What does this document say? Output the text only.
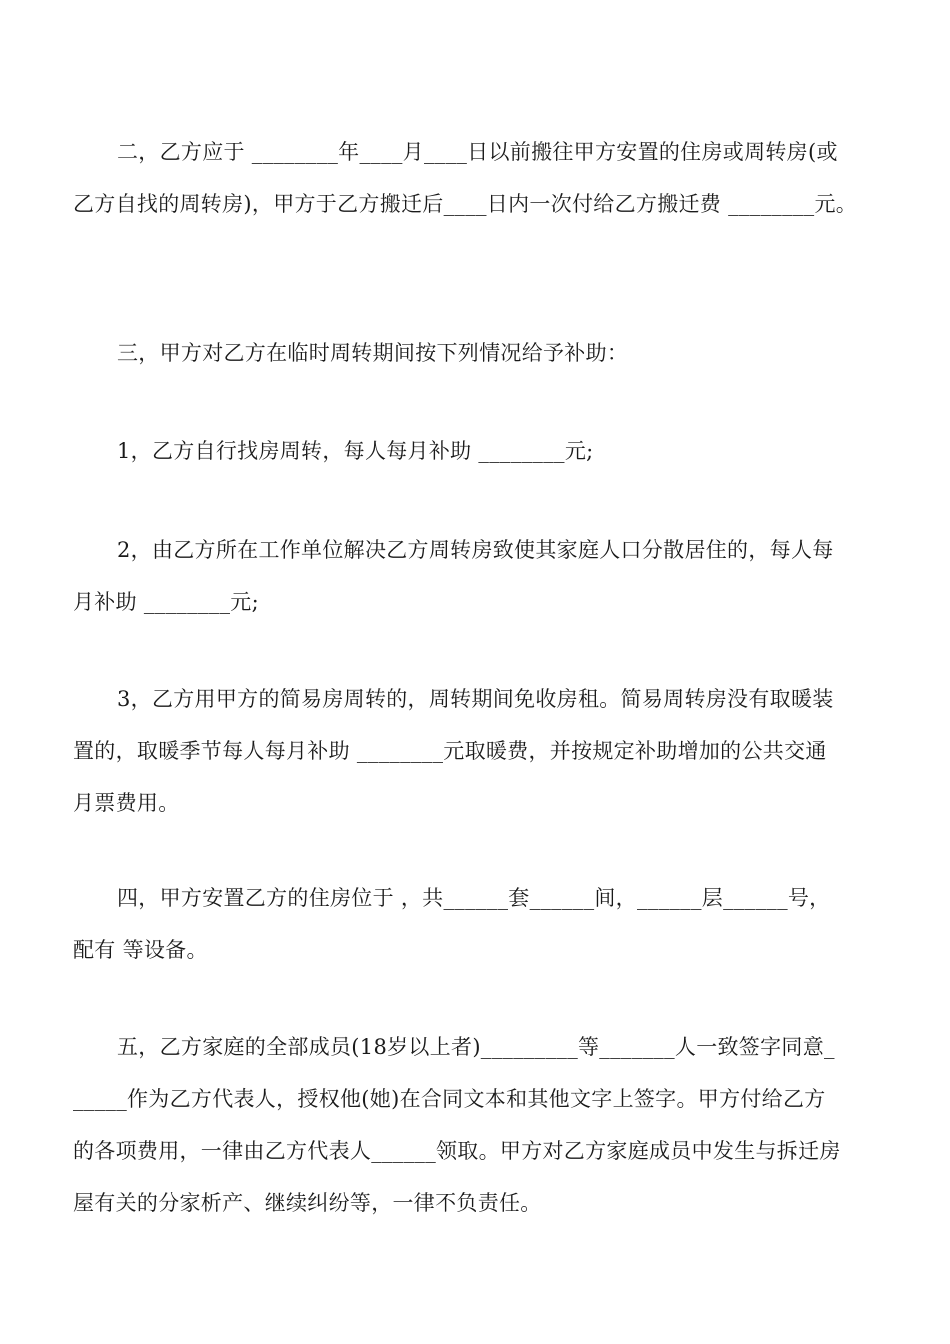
二，乙方应于 ________年____月____日以前搬往甲方安置的住房或周转房(或
乙方自找的周转房)，甲方于乙方搬迁后____日内一次付给乙方搬迁费 ________元。
三，甲方对乙方在临时周转期间按下列情况给予补助：
1，乙方自行找房周转，每人每月补助 ________元;
2，由乙方所在工作单位解决乙方周转房致使其家庭人口分散居住的，每人每
月补助 ________元;
3，乙方用甲方的简易房周转的，周转期间免收房租。简易周转房没有取暖装
置的，取暖季节每人每月补助 ________元取暖费，并按规定补助增加的公共交通
月票费用。
四，甲方安置乙方的住房位于 ，共______套______间，______层______号，
配有 等设备。
五，乙方家庭的全部成员(18岁以上者)_________等_______人一致签字同意_
_____作为乙方代表人，授权他(她)在合同文本和其他文字上签字。甲方付给乙方
的各项费用，一律由乙方代表人______领取。甲方对乙方家庭成员中发生与拆迁房
屋有关的分家析产、继续纠纷等，一律不负责任。
